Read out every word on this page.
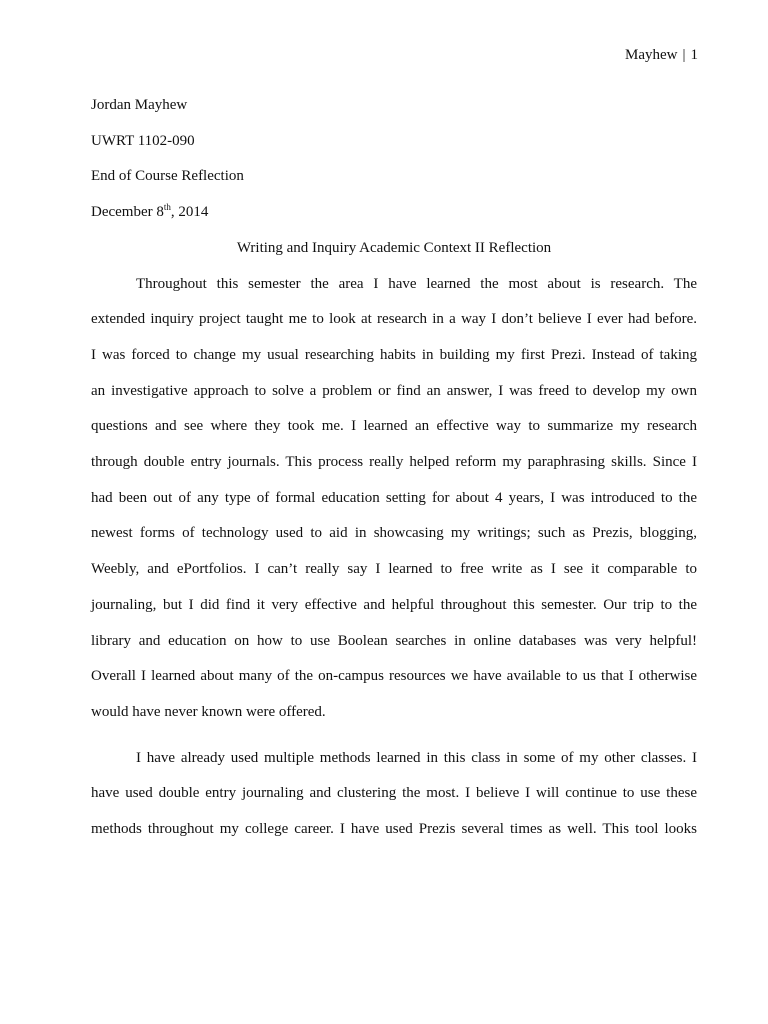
Mayhew | 1
Jordan Mayhew
UWRT 1102-090
End of Course Reflection
December 8th, 2014
Writing and Inquiry Academic Context II Reflection
Throughout this semester the area I have learned the most about is research. The
extended inquiry project taught me to look at research in a way I don’t believe I ever had before.
I was forced to change my usual researching habits in building my first Prezi. Instead of taking
an investigative approach to solve a problem or find an answer, I was freed to develop my own
questions and see where they took me. I learned an effective way to summarize my research
through double entry journals. This process really helped reform my paraphrasing skills. Since I
had been out of any type of formal education setting for about 4 years, I was introduced to the
newest forms of technology used to aid in showcasing my writings; such as Prezis, blogging,
Weebly, and ePortfolios. I can’t really say I learned to free write as I see it comparable to
journaling, but I did find it very effective and helpful throughout this semester. Our trip to the
library and education on how to use Boolean searches in online databases was very helpful!
Overall I learned about many of the on-campus resources we have available to us that I otherwise
would have never known were offered.
I have already used multiple methods learned in this class in some of my other classes. I
have used double entry journaling and clustering the most. I believe I will continue to use these
methods throughout my college career. I have used Prezis several times as well. This tool looks
